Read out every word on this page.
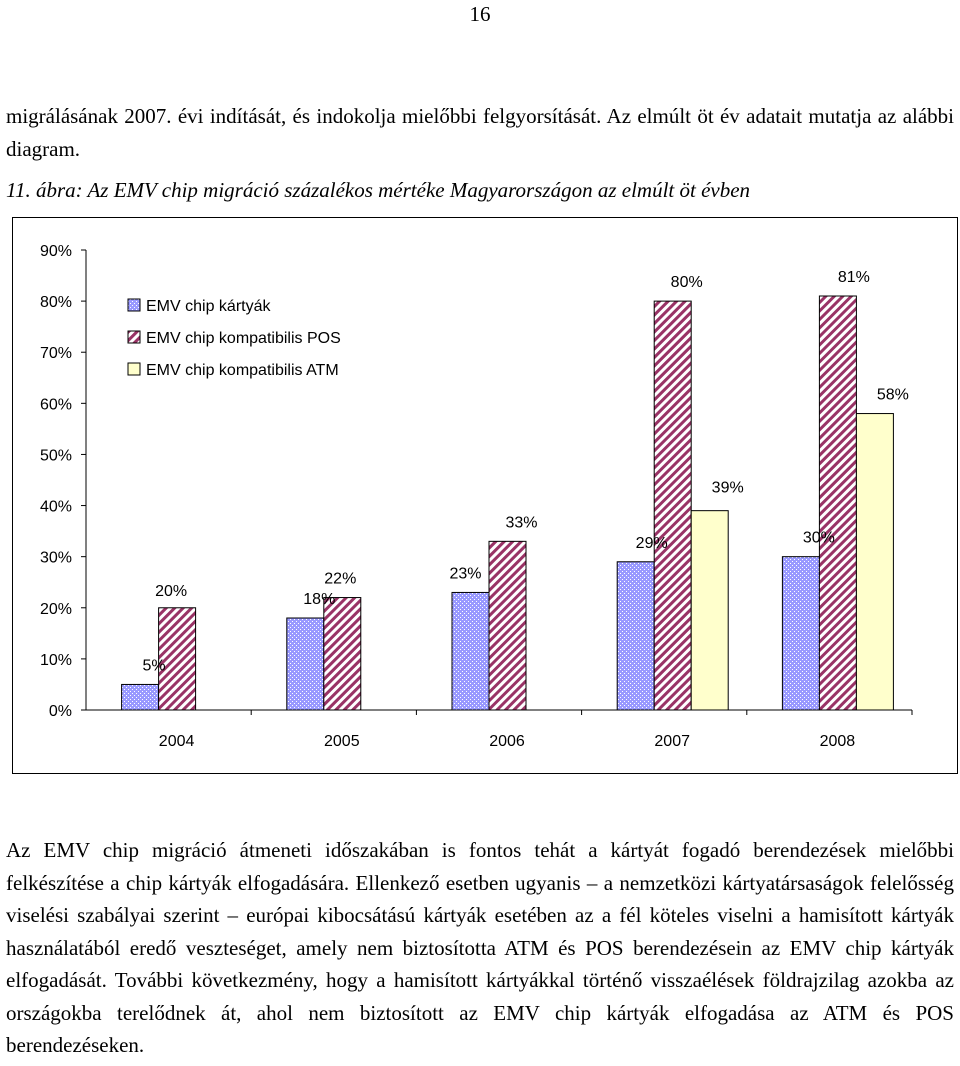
16

migrálásának 2007. évi indítását, és indokolja mielőbbi felgyorsítását. Az elmúlt öt év adatait mutatja az alábbi diagram.

11. ábra: Az EMV chip migráció százalékos mértéke Magyarországon az elmúlt öt évben
0%
10%
20%
30%
40%
50%
60%
70%
80%
90%
2004
5%
20%
2005
18%
22%
2006
23%
33%
2007
29%
80%
39%
2008
30%
81%
58%
EMV chip kártyák
EMV chip kompatibilis POS
EMV chip kompatibilis ATM

Az EMV chip migráció átmeneti időszakában is fontos tehát a kártyát fogadó berendezések mielőbbi felkészítése a chip kártyák elfogadására. Ellenkező esetben ugyanis – a nemzetközi kártyatársaságok felelősség viselési szabályai szerint – európai kibocsátású kártyák esetében az a fél köteles viselni a hamisított kártyák használatából eredő veszteséget, amely nem biztosította ATM és POS berendezésein az EMV chip kártyák elfogadását. További következmény, hogy a hamisított kártyákkal történő visszaélések földrajzilag azokba az országokba terelődnek át, ahol nem biztosított az EMV chip kártyák elfogadása az ATM és POS berendezéseken.
